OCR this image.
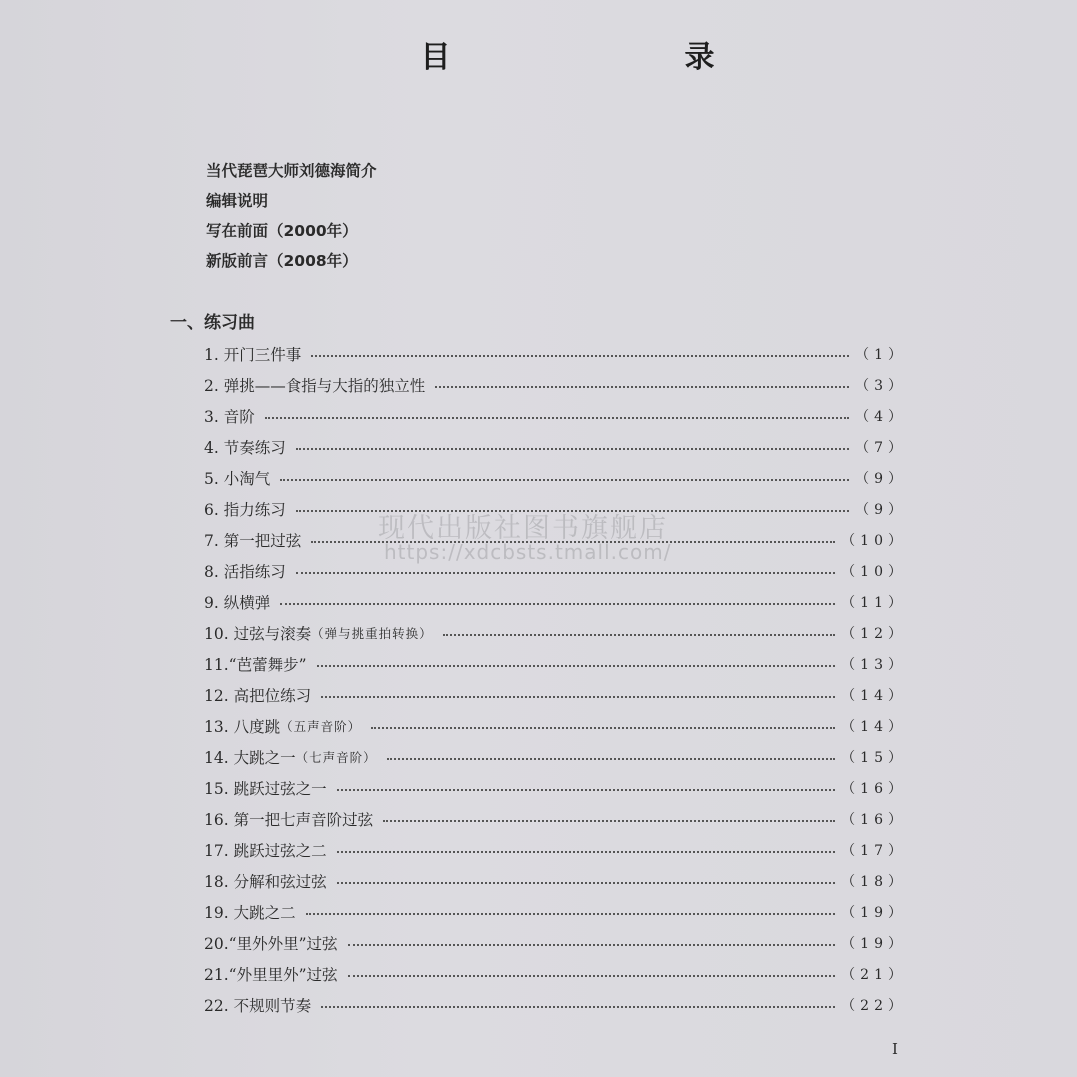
目　　录
当代琵琶大师刘德海简介
编辑说明
写在前面（2000年）
新版前言（2008年）
一、练习曲
1. 开门三件事	（1）
2. 弹挑——食指与大指的独立性	（3）
3. 音阶	（4）
4. 节奏练习	（7）
5. 小淘气	（9）
6. 指力练习	（9）
7. 第一把过弦	（10）
8. 活指练习	（10）
9. 纵横弹	（11）
10. 过弦与滚奏 （弹与挑重拍转换）	（12）
11.“芭蕾舞步”	（13）
12. 高把位练习	（14）
13. 八度跳 （五声音阶）	（14）
14. 大跳之一 （七声音阶）	（15）
15. 跳跃过弦之一	（16）
16. 第一把七声音阶过弦	（16）
17. 跳跃过弦之二	（17）
18. 分解和弦过弦	（18）
19. 大跳之二	（19）
20.“里外外里”过弦	（19）
21.“外里里外”过弦	（21）
22. 不规则节奏	（22）
现代出版社图书旗舰店
https://xdcbsts.tmall.com/
I
